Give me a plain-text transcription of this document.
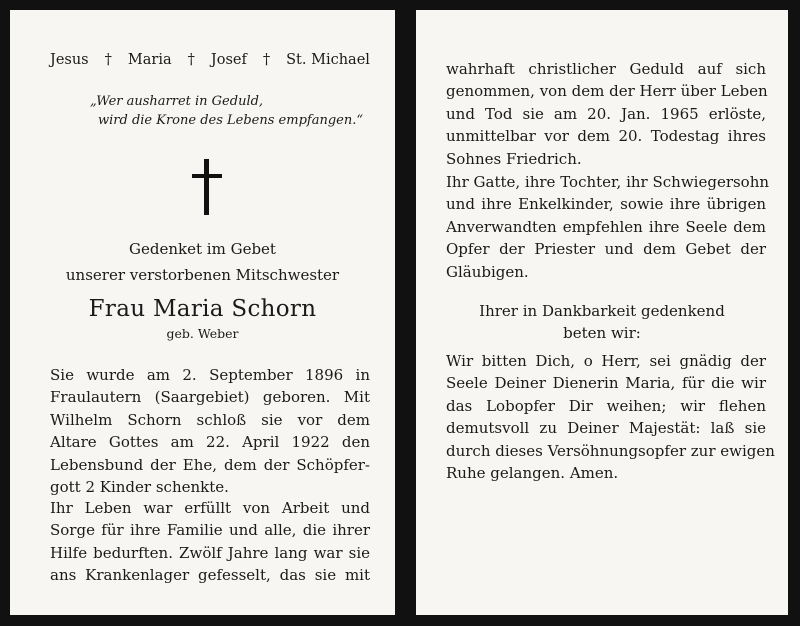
Jesus † Maria † Josef † St. Michael
„Wer ausharret in Geduld,
wird die Krone des Lebens empfangen.“
Gedenket im Gebet
unserer verstorbenen Mitschwester
Frau Maria Schorn
geb. Weber
Sie wurde am 2. September 1896 in
Fraulautern (Saargebiet) geboren. Mit
Wilhelm Schorn schloß sie vor dem
Altare Gottes am 22. April 1922 den
Lebensbund der Ehe, dem der Schöpfer-
gott 2 Kinder schenkte.
Ihr Leben war erfüllt von Arbeit und
Sorge für ihre Familie und alle, die ihrer
Hilfe bedurften. Zwölf Jahre lang war sie
ans Krankenlager gefesselt, das sie mit
wahrhaft christlicher Geduld auf sich
genommen, von dem der Herr über Leben
und Tod sie am 20. Jan. 1965 erlöste,
unmittelbar vor dem 20. Todestag ihres
Sohnes Friedrich.
Ihr Gatte, ihre Tochter, ihr Schwiegersohn
und ihre Enkelkinder, sowie ihre übrigen
Anverwandten empfehlen ihre Seele dem
Opfer der Priester und dem Gebet der
Gläubigen.
Ihrer in Dankbarkeit gedenkend
beten wir:
Wir bitten Dich, o Herr, sei gnädig der
Seele Deiner Dienerin Maria, für die wir
das Lobopfer Dir weihen; wir flehen
demutsvoll zu Deiner Majestät: laß sie
durch dieses Versöhnungsopfer zur ewigen
Ruhe gelangen. Amen.
